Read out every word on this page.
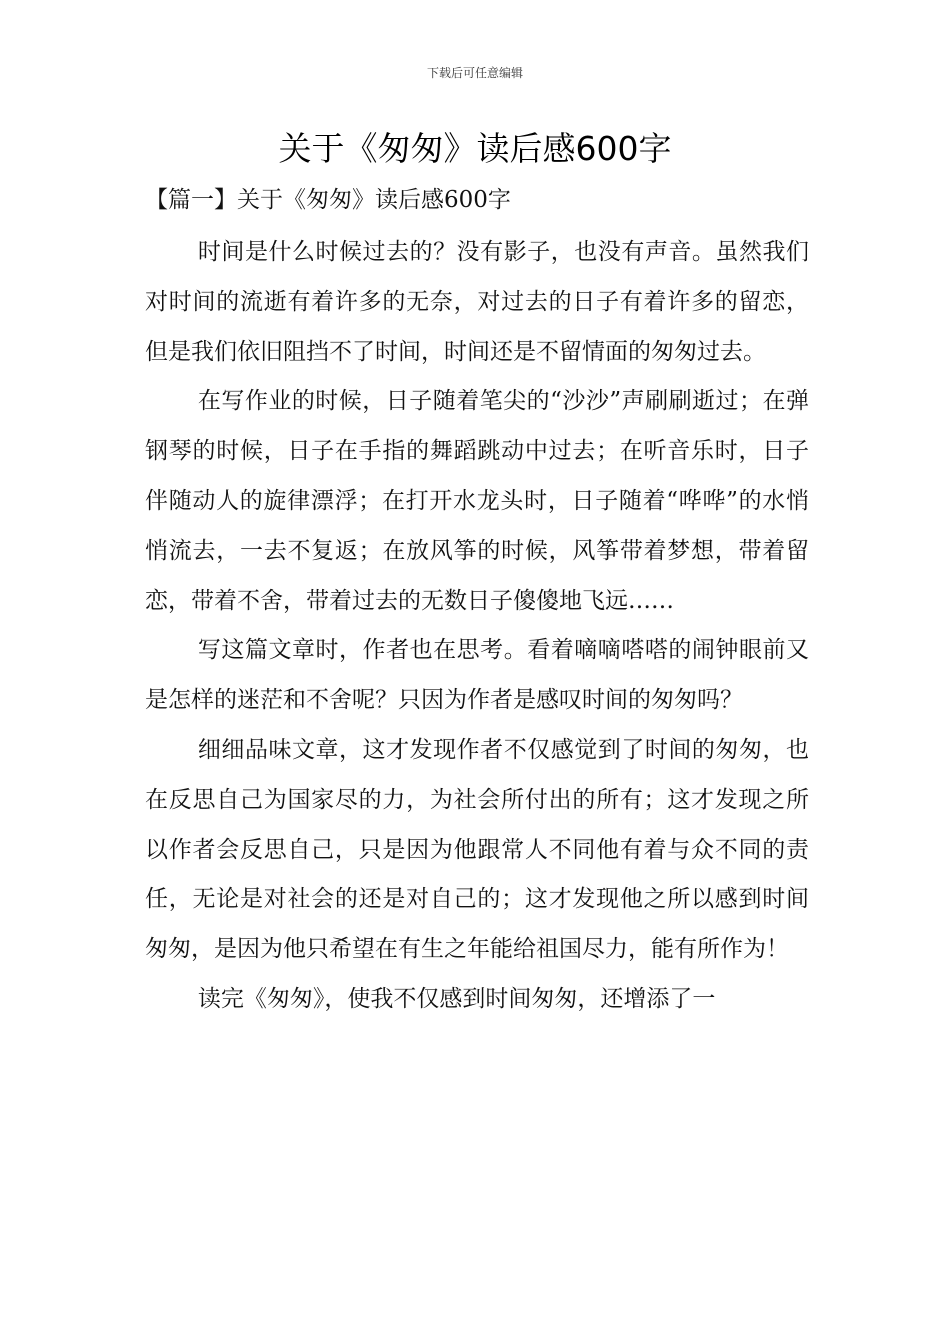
下载后可任意编辑
关于《匆匆》读后感600字
【篇一】关于《匆匆》读后感600字

时间是什么时候过去的？没有影子，也没有声音。虽然我们对时间的流逝有着许多的无奈，对过去的日子有着许多的留恋，但是我们依旧阻挡不了时间，时间还是不留情面的匆匆过去。

在写作业的时候，日子随着笔尖的“沙沙”声刷刷逝过；在弹钢琴的时候，日子在手指的舞蹈跳动中过去；在听音乐时，日子伴随动人的旋律漂浮；在打开水龙头时，日子随着“哗哗”的水悄悄流去，一去不复返；在放风筝的时候，风筝带着梦想，带着留恋，带着不舍，带着过去的无数日子傻傻地飞远……

写这篇文章时，作者也在思考。看着嘀嘀嗒嗒的闹钟眼前又是怎样的迷茫和不舍呢？只因为作者是感叹时间的匆匆吗？

细细品味文章，这才发现作者不仅感觉到了时间的匆匆，也在反思自己为国家尽的力，为社会所付出的所有；这才发现之所以作者会反思自己，只是因为他跟常人不同他有着与众不同的责任，无论是对社会的还是对自己的；这才发现他之所以感到时间匆匆，是因为他只希望在有生之年能给祖国尽力，能有所作为！

读完《匆匆》，使我不仅感到时间匆匆，还增添了一
